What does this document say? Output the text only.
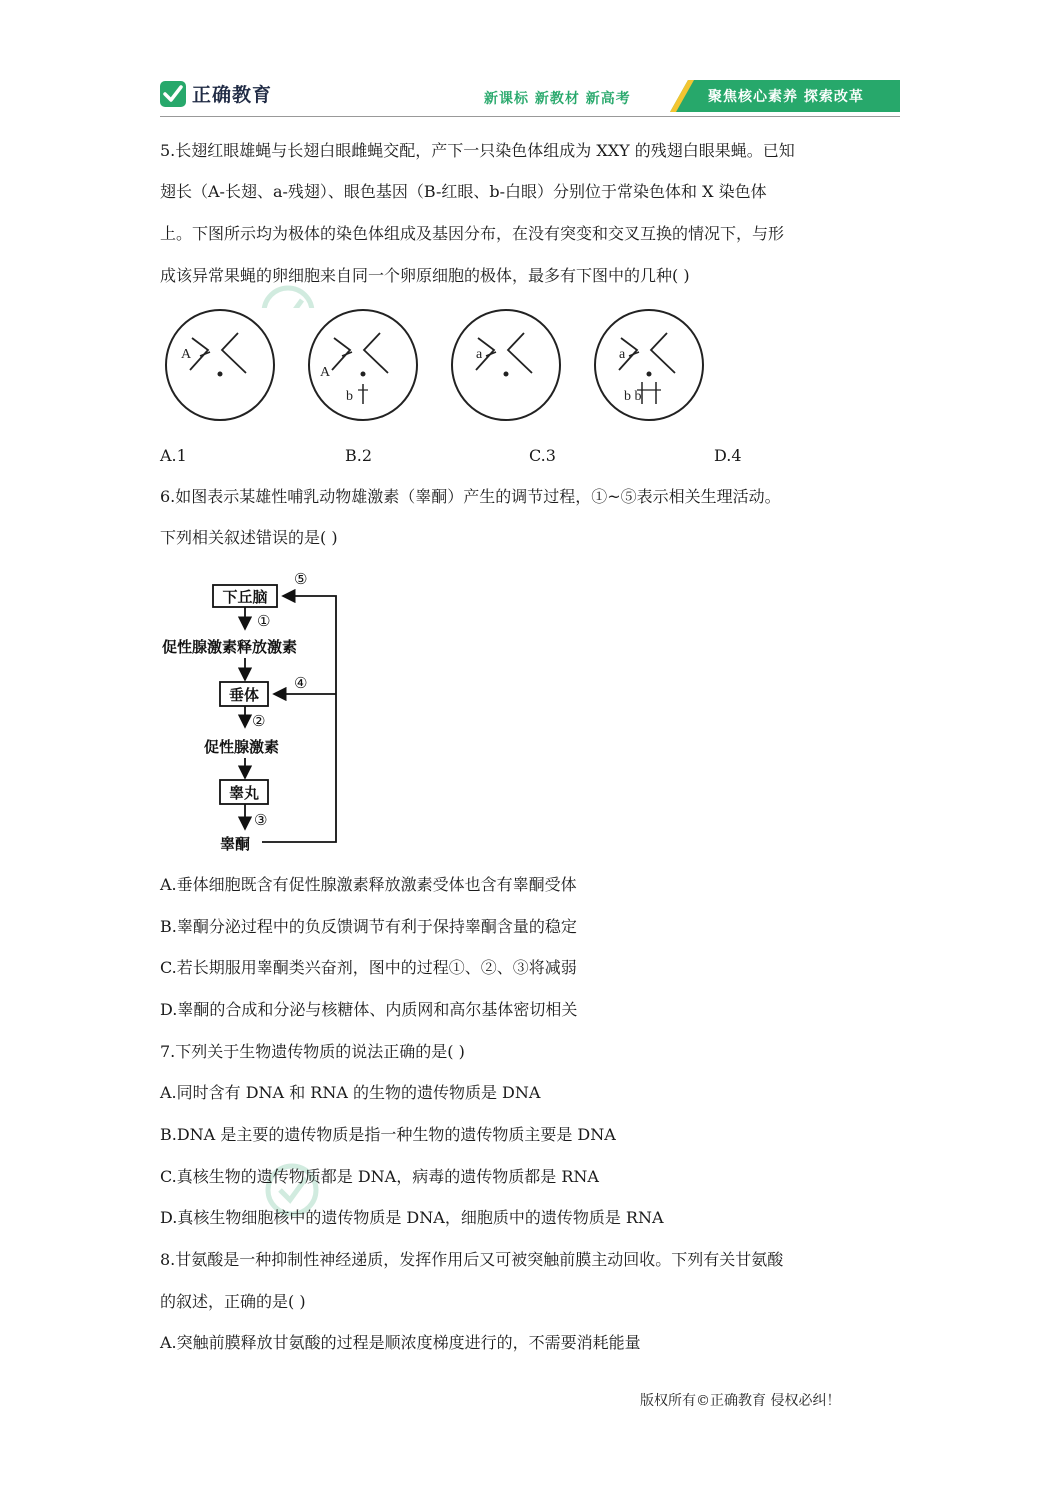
正确教育	新课标 新教材 新高考	聚焦核心素养 探索改革
5.长翅红眼雄蝇与长翅白眼雌蝇交配，产下一只染色体组成为 XXY 的残翅白眼果蝇。已知
翅长（A-长翅、a-残翅）、眼色基因（B-红眼、b-白眼）分别位于常染色体和 X 染色体
上。下图所示均为极体的染色体组成及基因分布，在没有突变和交叉互换的情况下，与形
成该异常果蝇的卵细胞来自同一个卵原细胞的极体，最多有下图中的几种( )
A
A
b
a	a
b b
A.1	B.2	C.3	D.4
6.如图表示某雄性哺乳动物雄激素（睾酮）产生的调节过程，①~⑤表示相关生理活动。
下列相关叙述错误的是( )
下丘脑
①
促性腺激素释放激素
垂体
②
促性腺激素
睾丸
③
睾酮
⑤
④
A.垂体细胞既含有促性腺激素释放激素受体也含有睾酮受体
B.睾酮分泌过程中的负反馈调节有利于保持睾酮含量的稳定
C.若长期服用睾酮类兴奋剂，图中的过程①、②、③将减弱
D.睾酮的合成和分泌与核糖体、内质网和高尔基体密切相关
7.下列关于生物遗传物质的说法正确的是( )
A.同时含有 DNA 和 RNA 的生物的遗传物质是 DNA
B.DNA 是主要的遗传物质是指一种生物的遗传物质主要是 DNA
C.真核生物的遗传物质都是 DNA，病毒的遗传物质都是 RNA
D.真核生物细胞核中的遗传物质是 DNA，细胞质中的遗传物质是 RNA
8.甘氨酸是一种抑制性神经递质，发挥作用后又可被突触前膜主动回收。下列有关甘氨酸
的叙述，正确的是( )
A.突触前膜释放甘氨酸的过程是顺浓度梯度进行的，不需要消耗能量
版权所有©正确教育 侵权必纠！
